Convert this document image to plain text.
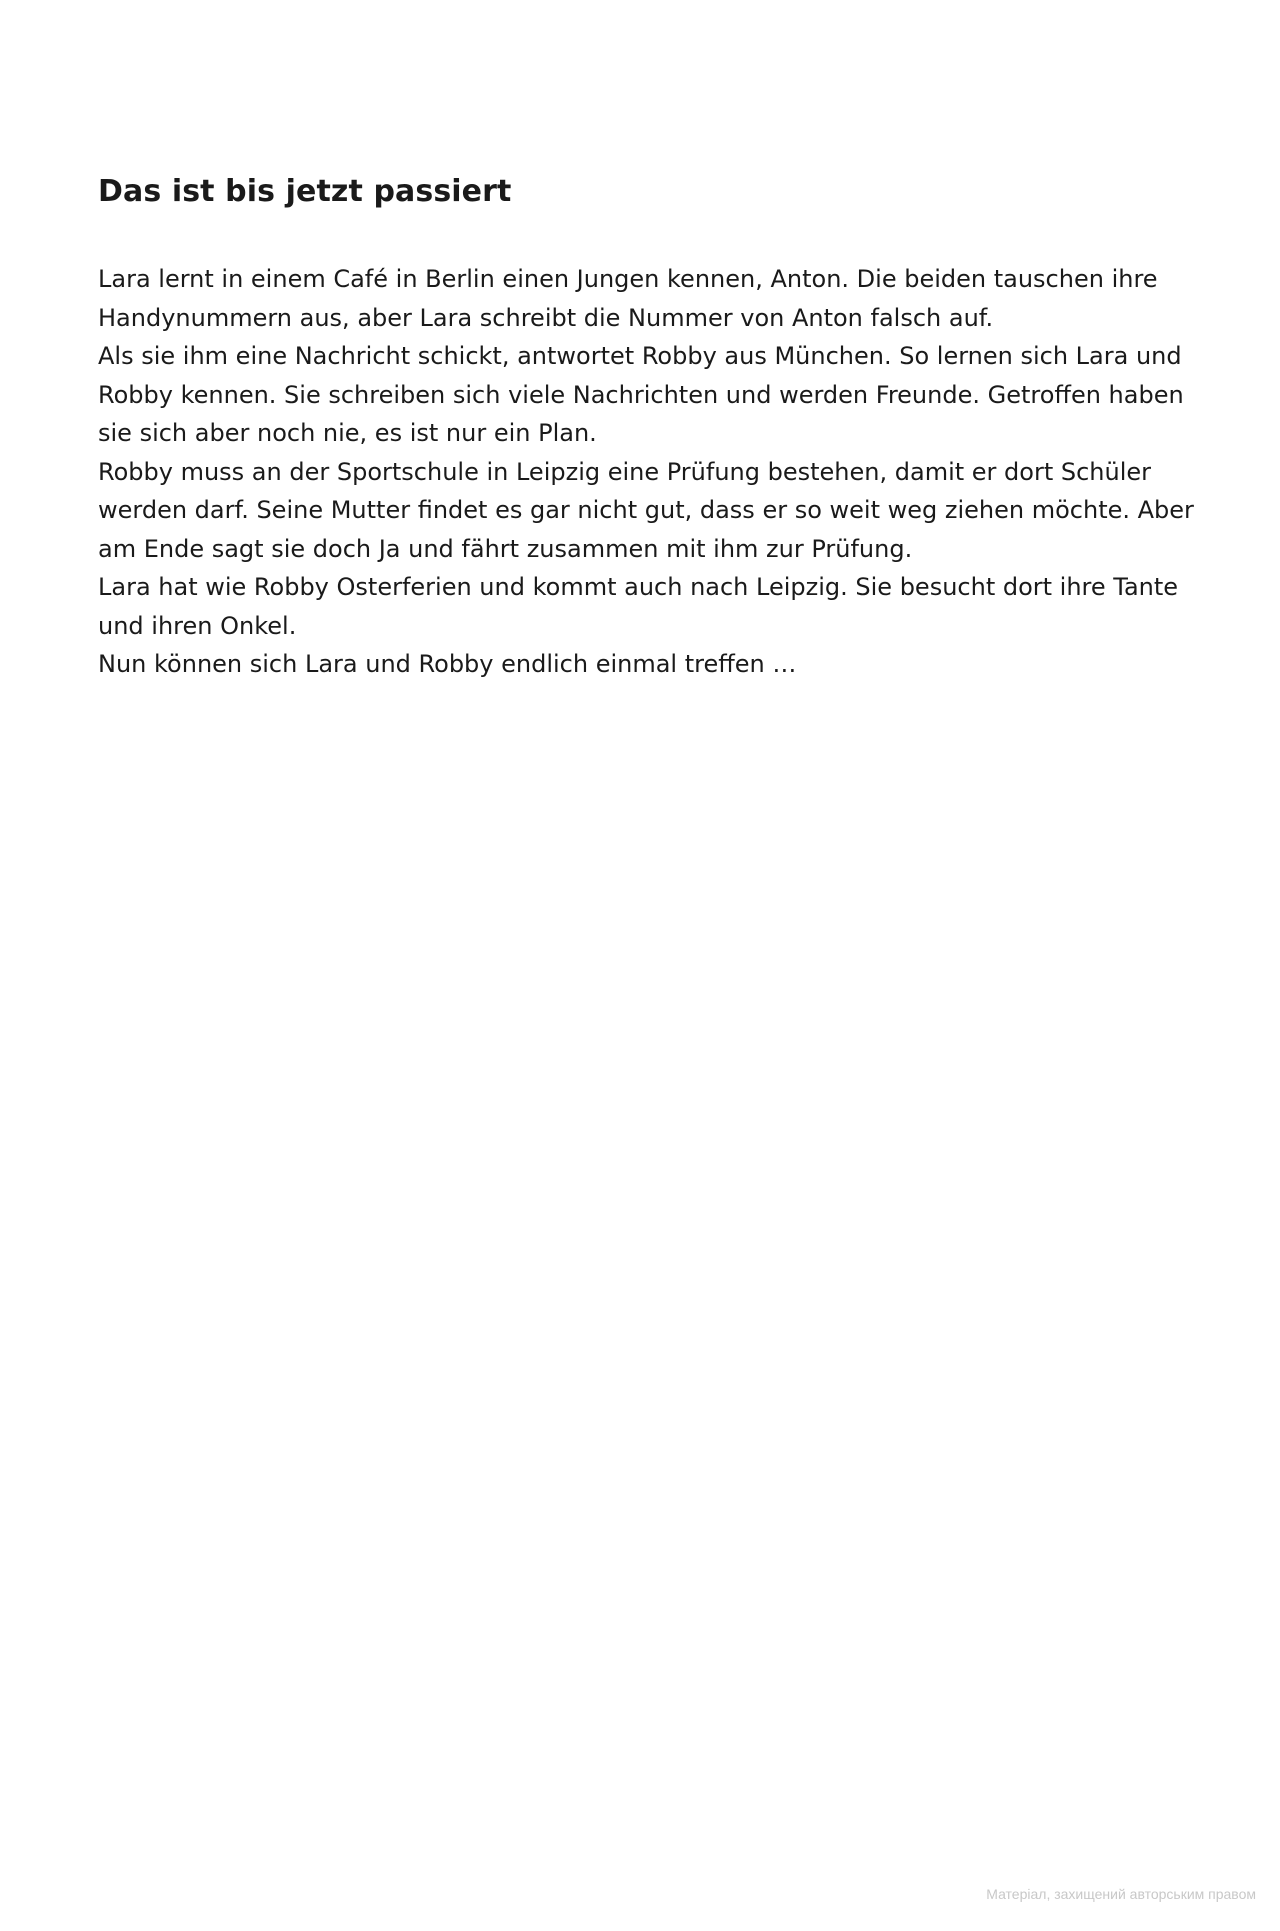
Das ist bis jetzt passiert

Lara lernt in einem Café in Berlin einen Jungen kennen, Anton. Die beiden tauschen ihre Handynummern aus, aber Lara schreibt die Nummer von Anton falsch auf.

Als sie ihm eine Nachricht schickt, antwortet Robby aus München. So lernen sich Lara und Robby kennen. Sie schreiben sich viele Nachrichten und werden Freunde. Getroffen haben sie sich aber noch nie, es ist nur ein Plan.

Robby muss an der Sportschule in Leipzig eine Prüfung bestehen, damit er dort Schüler werden darf. Seine Mutter findet es gar nicht gut, dass er so weit weg ziehen möchte. Aber am Ende sagt sie doch Ja und fährt zusammen mit ihm zur Prüfung.

Lara hat wie Robby Osterferien und kommt auch nach Leipzig. Sie besucht dort ihre Tante und ihren Onkel.

Nun können sich Lara und Robby endlich einmal treffen …

Матеріал, захищений авторським правом
